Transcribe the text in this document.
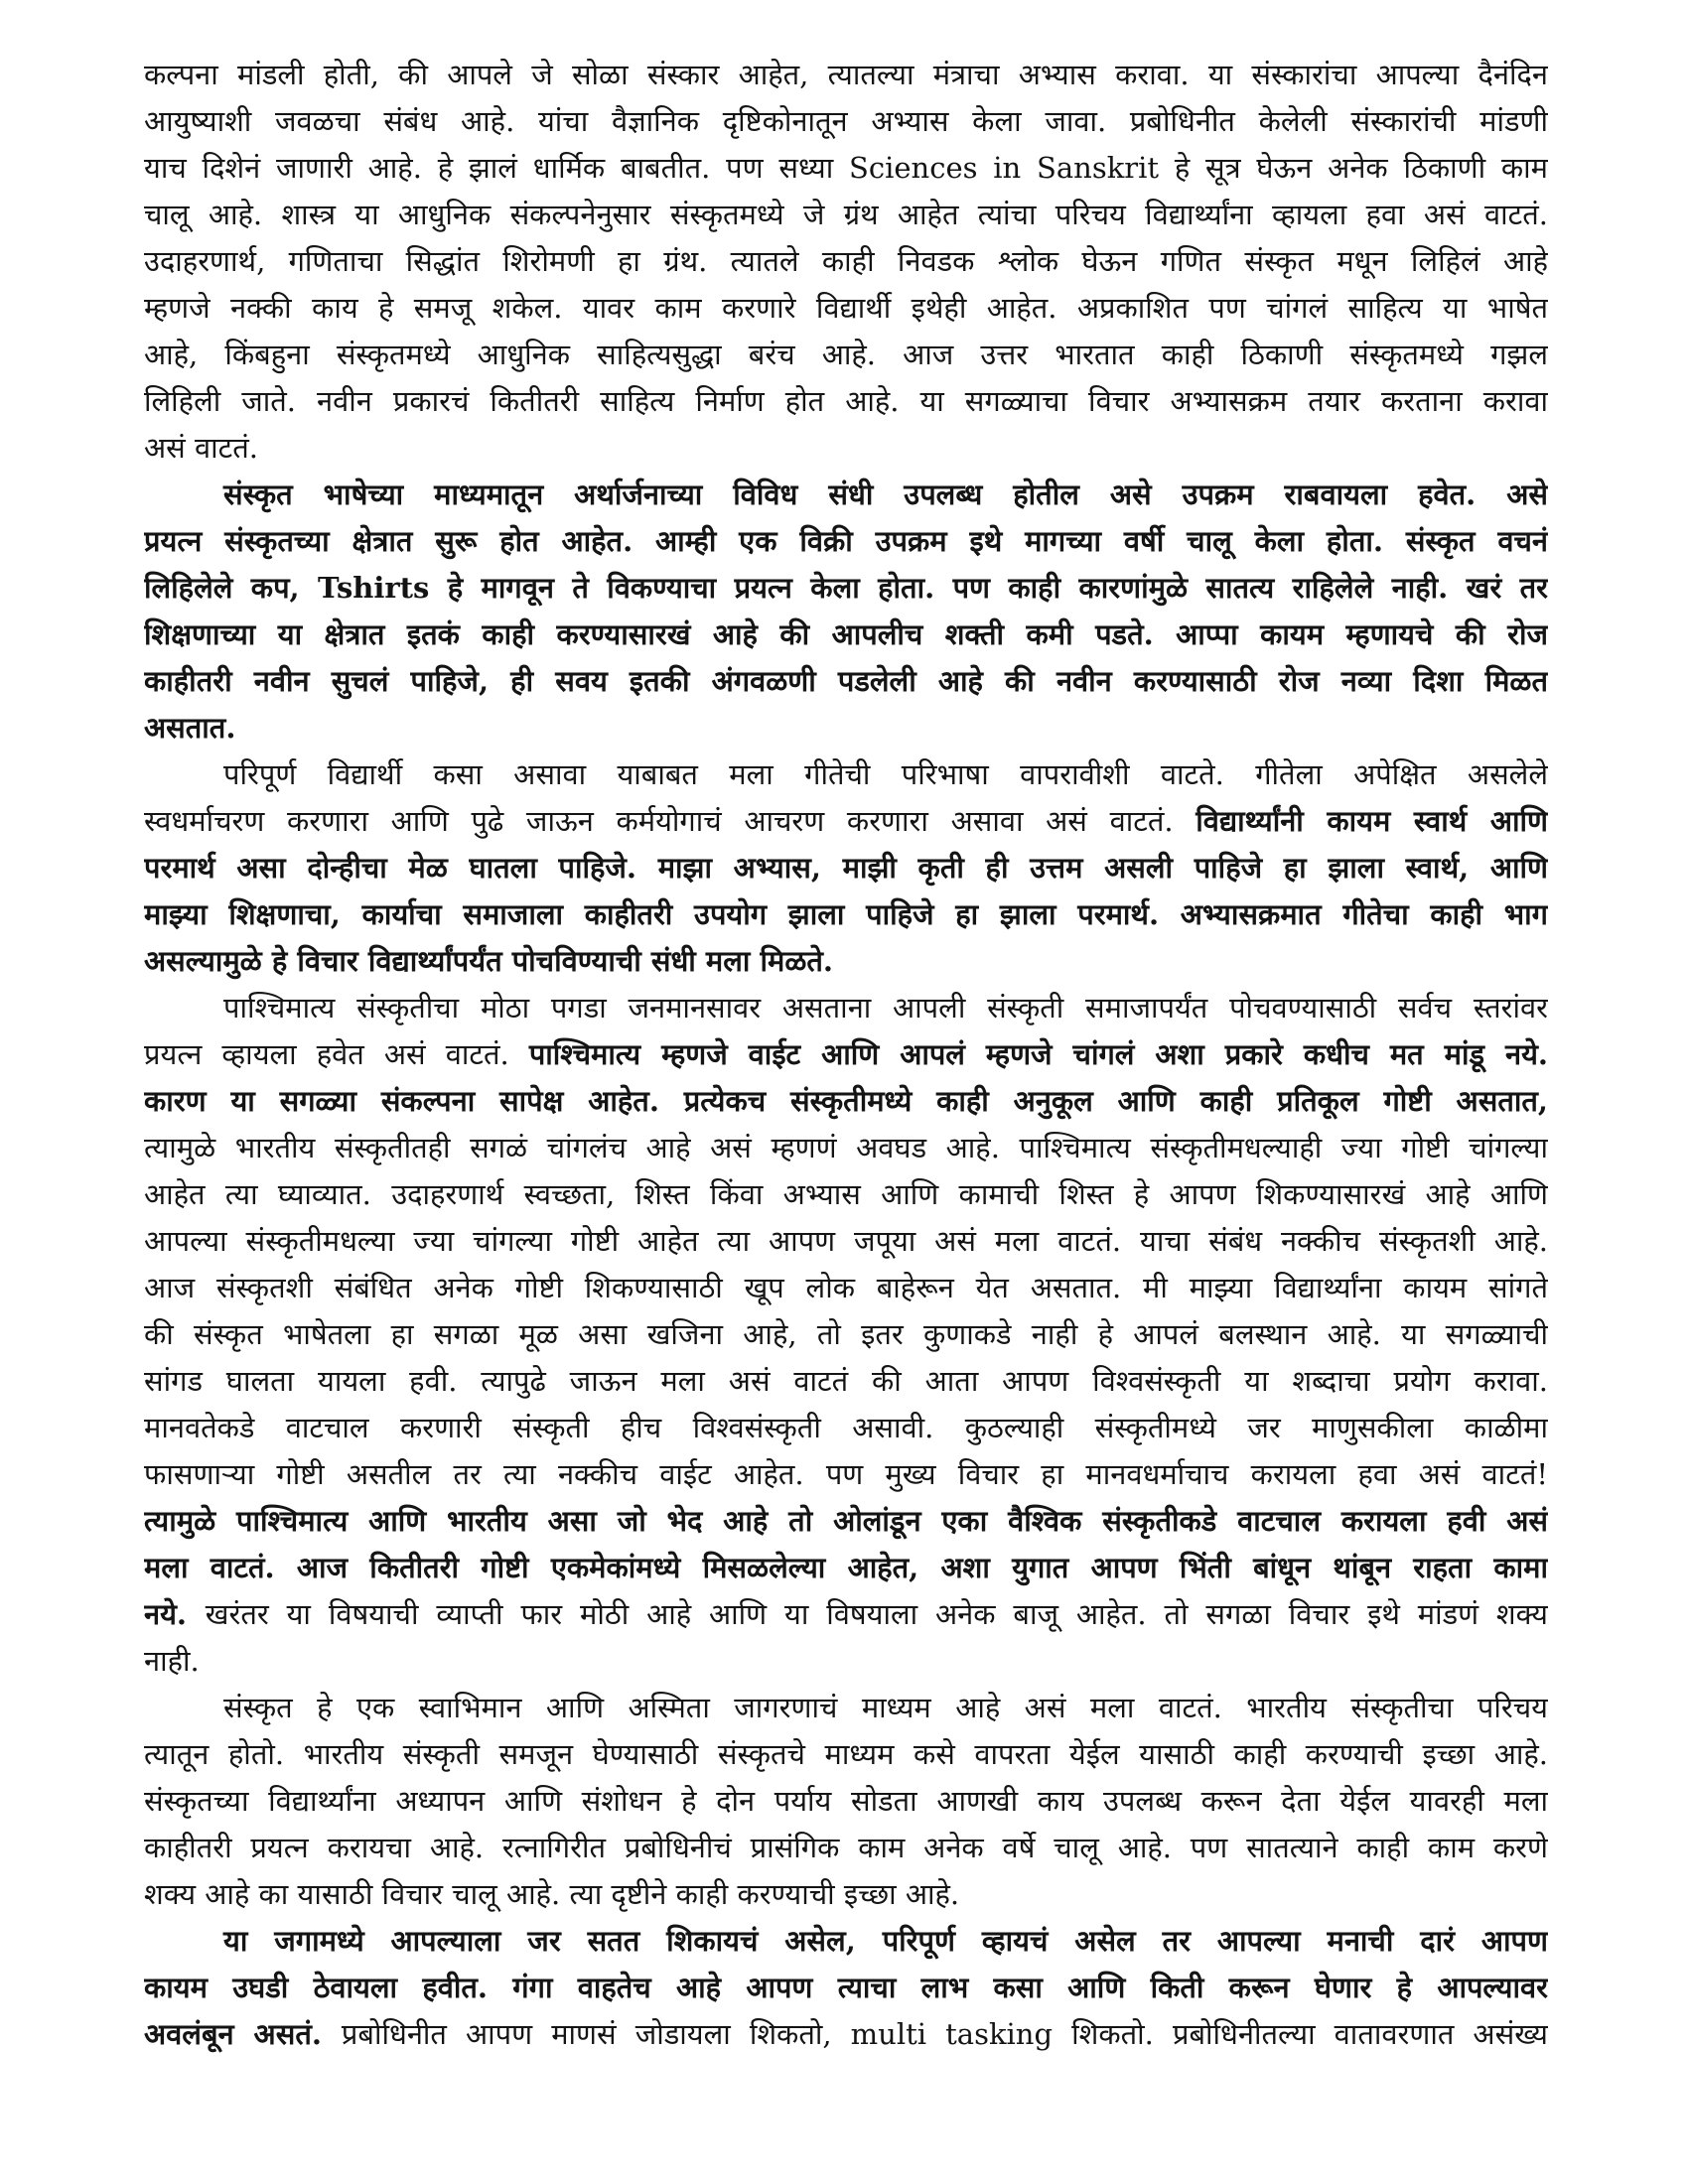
कल्पना मांडली होती, की आपले जे सोळा संस्कार आहेत, त्यातल्या मंत्राचा अभ्यास करावा. या संस्कारांचा आपल्या दैनंदिन
आयुष्याशी जवळचा संबंध आहे. यांचा वैज्ञानिक दृष्टिकोनातून अभ्यास केला जावा. प्रबोधिनीत केलेली संस्कारांची मांडणी
याच दिशेनं जाणारी आहे. हे झालं धार्मिक बाबतीत. पण सध्या Sciences in Sanskrit हे सूत्र घेऊन अनेक ठिकाणी काम
चालू आहे. शास्त्र या आधुनिक संकल्पनेनुसार संस्कृतमध्ये जे ग्रंथ आहेत त्यांचा परिचय विद्यार्थ्यांना व्हायला हवा असं वाटतं.
उदाहरणार्थ, गणिताचा सिद्धांत शिरोमणी हा ग्रंथ. त्यातले काही निवडक श्लोक घेऊन गणित संस्कृत मधून लिहिलं आहे
म्हणजे नक्की काय हे समजू शकेल. यावर काम करणारे विद्यार्थी इथेही आहेत. अप्रकाशित पण चांगलं साहित्य या भाषेत
आहे, किंबहुना संस्कृतमध्ये आधुनिक साहित्यसुद्धा बरंच आहे. आज उत्तर भारतात काही ठिकाणी संस्कृतमध्ये गझल
लिहिली जाते. नवीन प्रकारचं कितीतरी साहित्य निर्माण होत आहे. या सगळ्याचा विचार अभ्यासक्रम तयार करताना करावा
असं वाटतं.
संस्कृत भाषेच्या माध्यमातून अर्थार्जनाच्या विविध संधी उपलब्ध होतील असे उपक्रम राबवायला हवेत. असे
प्रयत्न संस्कृतच्या क्षेत्रात सुरू होत आहेत. आम्ही एक विक्री उपक्रम इथे मागच्या वर्षी चालू केला होता. संस्कृत वचनं
लिहिलेले कप, Tshirts हे मागवून ते विकण्याचा प्रयत्न केला होता. पण काही कारणांमुळे सातत्य राहिलेले नाही. खरं तर
शिक्षणाच्या या क्षेत्रात इतकं काही करण्यासारखं आहे की आपलीच शक्ती कमी पडते. आप्पा कायम म्हणायचे की रोज
काहीतरी नवीन सुचलं पाहिजे, ही सवय इतकी अंगवळणी पडलेली आहे की नवीन करण्यासाठी रोज नव्या दिशा मिळत
असतात.
परिपूर्ण विद्यार्थी कसा असावा याबाबत मला गीतेची परिभाषा वापरावीशी वाटते. गीतेला अपेक्षित असलेले
स्वधर्माचरण करणारा आणि पुढे जाऊन कर्मयोगाचं आचरण करणारा असावा असं वाटतं. विद्यार्थ्यांनी कायम स्वार्थ आणि
परमार्थ असा दोन्हीचा मेळ घातला पाहिजे. माझा अभ्यास, माझी कृती ही उत्तम असली पाहिजे हा झाला स्वार्थ, आणि
माझ्या शिक्षणाचा, कार्याचा समाजाला काहीतरी उपयोग झाला पाहिजे हा झाला परमार्थ. अभ्यासक्रमात गीतेचा काही भाग
असल्यामुळे हे विचार विद्यार्थ्यांपर्यंत पोचविण्याची संधी मला मिळते.
पाश्चिमात्य संस्कृतीचा मोठा पगडा जनमानसावर असताना आपली संस्कृती समाजापर्यंत पोचवण्यासाठी सर्वच स्तरांवर
प्रयत्न व्हायला हवेत असं वाटतं. पाश्चिमात्य म्हणजे वाईट आणि आपलं म्हणजे चांगलं अशा प्रकारे कधीच मत मांडू नये.
कारण या सगळ्या संकल्पना सापेक्ष आहेत. प्रत्येकच संस्कृतीमध्ये काही अनुकूल आणि काही प्रतिकूल गोष्टी असतात,
त्यामुळे भारतीय संस्कृतीतही सगळं चांगलंच आहे असं म्हणणं अवघड आहे. पाश्चिमात्य संस्कृतीमधल्याही ज्या गोष्टी चांगल्या
आहेत त्या घ्याव्यात. उदाहरणार्थ स्वच्छता, शिस्त किंवा अभ्यास आणि कामाची शिस्त हे आपण शिकण्यासारखं आहे आणि
आपल्या संस्कृतीमधल्या ज्या चांगल्या गोष्टी आहेत त्या आपण जपूया असं मला वाटतं. याचा संबंध नक्कीच संस्कृतशी आहे.
आज संस्कृतशी संबंधित अनेक गोष्टी शिकण्यासाठी खूप लोक बाहेरून येत असतात. मी माझ्या विद्यार्थ्यांना कायम सांगते
की संस्कृत भाषेतला हा सगळा मूळ असा खजिना आहे, तो इतर कुणाकडे नाही हे आपलं बलस्थान आहे. या सगळ्याची
सांगड घालता यायला हवी. त्यापुढे जाऊन मला असं वाटतं की आता आपण विश्वसंस्कृती या शब्दाचा प्रयोग करावा.
मानवतेकडे वाटचाल करणारी संस्कृती हीच विश्वसंस्कृती असावी. कुठल्याही संस्कृतीमध्ये जर माणुसकीला काळीमा
फासणाऱ्या गोष्टी असतील तर त्या नक्कीच वाईट आहेत. पण मुख्य विचार हा मानवधर्माचाच करायला हवा असं वाटतं!
त्यामुळे पाश्चिमात्य आणि भारतीय असा जो भेद आहे तो ओलांडून एका वैश्विक संस्कृतीकडे वाटचाल करायला हवी असं
मला वाटतं. आज कितीतरी गोष्टी एकमेकांमध्ये मिसळलेल्या आहेत, अशा युगात आपण भिंती बांधून थांबून राहता कामा
नये. खरंतर या विषयाची व्याप्ती फार मोठी आहे आणि या विषयाला अनेक बाजू आहेत. तो सगळा विचार इथे मांडणं शक्य
नाही.
संस्कृत हे एक स्वाभिमान आणि अस्मिता जागरणाचं माध्यम आहे असं मला वाटतं. भारतीय संस्कृतीचा परिचय
त्यातून होतो. भारतीय संस्कृती समजून घेण्यासाठी संस्कृतचे माध्यम कसे वापरता येईल यासाठी काही करण्याची इच्छा आहे.
संस्कृतच्या विद्यार्थ्यांना अध्यापन आणि संशोधन हे दोन पर्याय सोडता आणखी काय उपलब्ध करून देता येईल यावरही मला
काहीतरी प्रयत्न करायचा आहे. रत्नागिरीत प्रबोधिनीचं प्रासंगिक काम अनेक वर्षे चालू आहे. पण सातत्याने काही काम करणे
शक्य आहे का यासाठी विचार चालू आहे. त्या दृष्टीने काही करण्याची इच्छा आहे.
या जगामध्ये आपल्याला जर सतत शिकायचं असेल, परिपूर्ण व्हायचं असेल तर आपल्या मनाची दारं आपण
कायम उघडी ठेवायला हवीत. गंगा वाहतेच आहे आपण त्याचा लाभ कसा आणि किती करून घेणार हे आपल्यावर
अवलंबून असतं. प्रबोधिनीत आपण माणसं जोडायला शिकतो, multi tasking शिकतो. प्रबोधिनीतल्या वातावरणात असंख्य
